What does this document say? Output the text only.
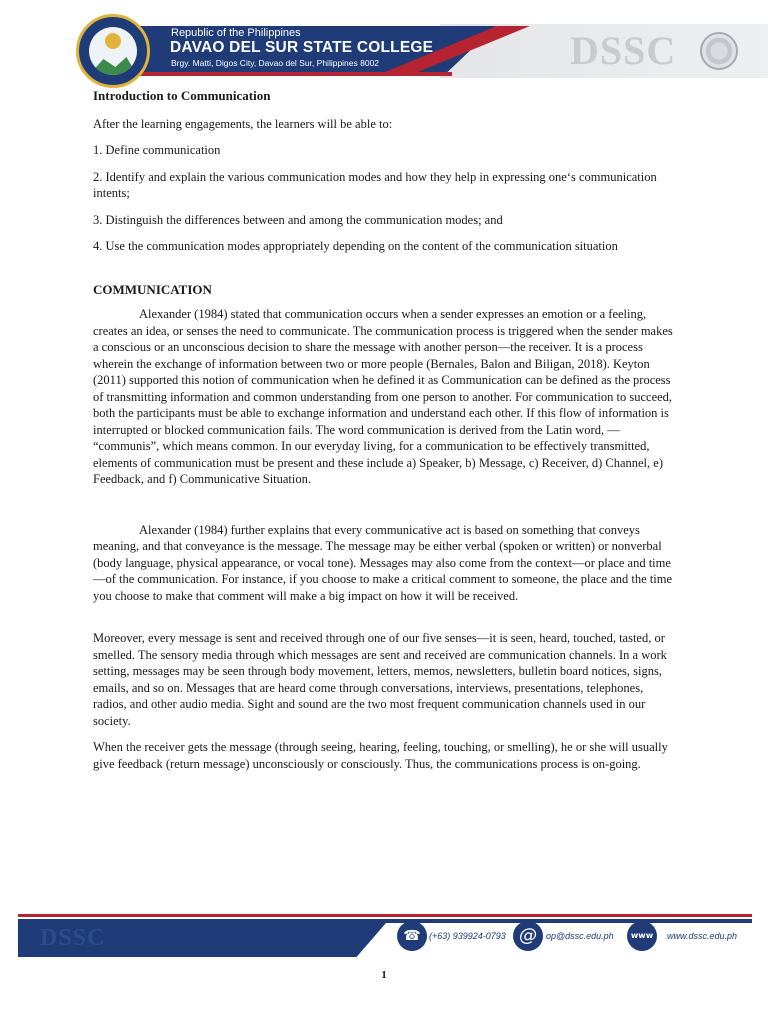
Republic of the Philippines
DAVAO DEL SUR STATE COLLEGE
Brgy. Matti, Digos City, Davao del Sur, Philippines 8002	DSSC

Introduction to Communication

After the learning engagements, the learners will be able to:

1. Define communication

2. Identify and explain the various communication modes and how they help in expressing one‘s communication intents;

3. Distinguish the differences between and among the communication modes; and

4. Use the communication modes appropriately depending on the content of the communication situation

COMMUNICATION

Alexander (1984) stated that communication occurs when a sender expresses an emotion or a feeling, creates an idea, or senses the need to communicate. The communication process is triggered when the sender makes a conscious or an unconscious decision to share the message with another person—the receiver. It is a process wherein the exchange of information between two or more people (Bernales, Balon and Biligan, 2018). Keyton (2011) supported this notion of communication when he defined it as Communication can be defined as the process of transmitting information and common understanding from one person to another. For communication to succeed, both the participants must be able to exchange information and understand each other. If this flow of information is interrupted or blocked communication fails. The word communication is derived from the Latin word, — “communis”, which means common. In our everyday living, for a communication to be effectively transmitted, elements of communication must be present and these include a) Speaker, b) Message, c) Receiver, d) Channel, e) Feedback, and f) Communicative Situation.

Alexander (1984) further explains that every communicative act is based on something that conveys meaning, and that conveyance is the message. The message may be either verbal (spoken or written) or nonverbal (body language, physical appearance, or vocal tone). Messages may also come from the context—or place and time—of the communication. For instance, if you choose to make a critical comment to someone, the place and the time you choose to make that comment will make a big impact on how it will be received.

Moreover, every message is sent and received through one of our five senses—it is seen, heard, touched, tasted, or smelled. The sensory media through which messages are sent and received are communication channels. In a work setting, messages may be seen through body movement, letters, memos, newsletters, bulletin board notices, signs, emails, and so on. Messages that are heard come through conversations, interviews, presentations, telephones, radios, and other audio media. Sight and sound are the two most frequent communication channels used in our society.

When the receiver gets the message (through seeing, hearing, feeling, touching, or smelling), he or she will usually give feedback (return message) unconsciously or consciously. Thus, the communications process is on-going.

DSSC	☎ (+63) 939924-0793 @	op@dssc.edu.ph	www	www.dssc.edu.ph
1
